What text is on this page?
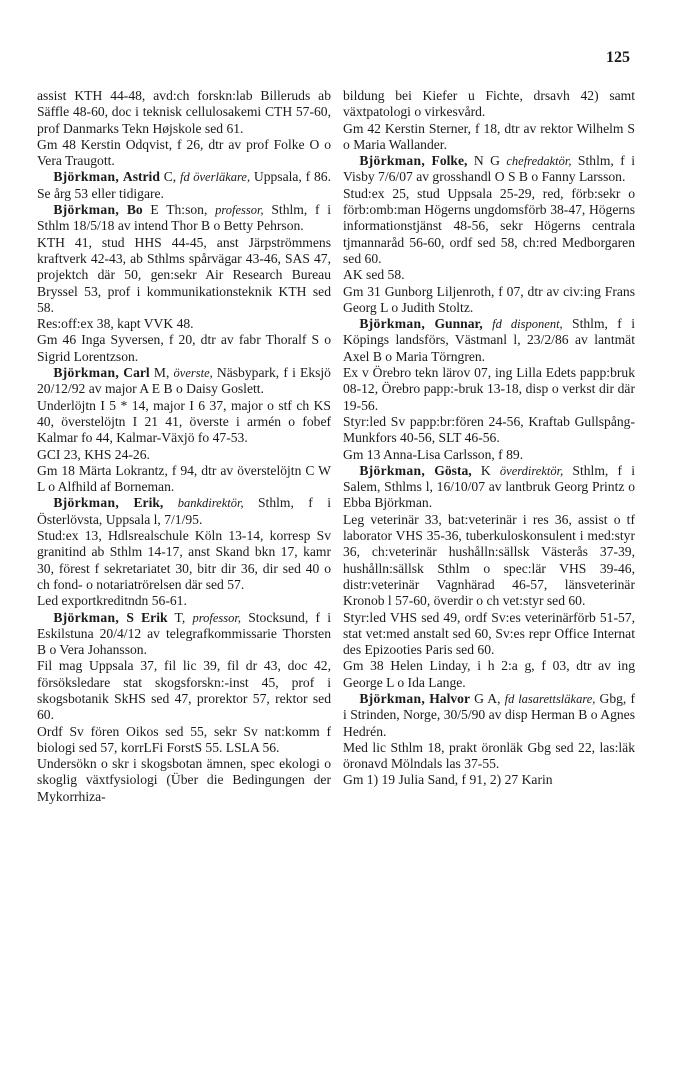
125

assist KTH 44-48, avd:ch forskn:lab Billeruds ab Säffle 48-60, doc i teknisk cellulosakemi CTH 57-60, prof Danmarks Tekn Højskole sed 61.

Gm 48 Kerstin Odqvist, f 26, dtr av prof Folke O o Vera Traugott.

Björkman, Astrid C, fd överläkare, Uppsala, f 86. Se årg 53 eller tidigare.

Björkman, Bo E Th:son, professor, Sthlm, f i Sthlm 18/5/18 av intend Thor B o Betty Pehrson.

KTH 41, stud HHS 44-45, anst Järpströmmens kraftverk 42-43, ab Sthlms spårvägar 43-46, SAS 47, projektch där 50, gen:sekr Air Research Bureau Bryssel 53, prof i kommunikationsteknik KTH sed 58.

Res:off:ex 38, kapt VVK 48.

Gm 46 Inga Syversen, f 20, dtr av fabr Thoralf S o Sigrid Lorentzson.

Björkman, Carl M, överste, Näsbypark, f i Eksjö 20/12/92 av major A E B o Daisy Goslett.

Underlöjtn I 5 * 14, major I 6 37, major o stf ch KS 40, överstelöjtn I 21 41, överste i armén o fobef Kalmar fo 44, Kalmar-Växjö fo 47-53.

GCI 23, KHS 24-26.

Gm 18 Märta Lokrantz, f 94, dtr av överstelöjtn C W L o Alfhild af Borneman.

Björkman, Erik, bankdirektör, Sthlm, f i Österlövsta, Uppsala l, 7/1/95.

Stud:ex 13, Hdlsrealschule Köln 13-14, korresp Sv granitind ab Sthlm 14-17, anst Skand bkn 17, kamr 30, förest f sekretariatet 30, bitr dir 36, dir sed 40 o ch fond- o notariatrörelsen där sed 57.

Led exportkreditndn 56-61.

Björkman, S Erik T, professor, Stocksund, f i Eskilstuna 20/4/12 av telegrafkommissarie Thorsten B o Vera Johansson.

Fil mag Uppsala 37, fil lic 39, fil dr 43, doc 42, försöksledare stat skogsforskn:-inst 45, prof i skogsbotanik SkHS sed 47, prorektor 57, rektor sed 60.

Ordf Sv fören Oikos sed 55, sekr Sv nat:komm f biologi sed 57, korrLFi ForstS 55. LSLA 56.

Undersökn o skr i skogsbotan ämnen, spec ekologi o skoglig växtfysiologi (Über die Bedingungen der Mykorrhiza-

bildung bei Kiefer u Fichte, drsavh 42) samt växtpatologi o virkesvård.

Gm 42 Kerstin Sterner, f 18, dtr av rektor Wilhelm S o Maria Wallander.

Björkman, Folke, N G chefredaktör, Sthlm, f i Visby 7/6/07 av grosshandl O S B o Fanny Larsson.

Stud:ex 25, stud Uppsala 25-29, red, förb:sekr o förb:omb:man Högerns ungdomsförb 38-47, Högerns informationstjänst 48-56, sekr Högerns centrala tjmannaråd 56-60, ordf sed 58, ch:red Medborgaren sed 60.

AK sed 58.

Gm 31 Gunborg Liljenroth, f 07, dtr av civ:ing Frans Georg L o Judith Stoltz.

Björkman, Gunnar, fd disponent, Sthlm, f i Köpings landsförs, Västmanl l, 23/2/86 av lantmät Axel B o Maria Törngren.

Ex v Örebro tekn lärov 07, ing Lilla Edets papp:bruk 08-12, Örebro papp:-bruk 13-18, disp o verkst dir där 19-56.

Styr:led Sv papp:br:fören 24-56, Kraftab Gullspång-Munkfors 40-56, SLT 46-56.

Gm 13 Anna-Lisa Carlsson, f 89.

Björkman, Gösta, K överdirektör, Sthlm, f i Salem, Sthlms l, 16/10/07 av lantbruk Georg Printz o Ebba Björkman.

Leg veterinär 33, bat:veterinär i res 36, assist o tf laborator VHS 35-36, tuberkuloskonsulent i med:styr 36, ch:veterinär hushålln:sällsk Västerås 37-39, hushålln:sällsk Sthlm o spec:lär VHS 39-46, distr:veterinär Vagnhärad 46-57, länsveterinär Kronob l 57-60, överdir o ch vet:styr sed 60.

Styr:led VHS sed 49, ordf Sv:es veterinärförb 51-57, stat vet:med anstalt sed 60, Sv:es repr Office Internat des Epizooties Paris sed 60.

Gm 38 Helen Linday, i h 2:a g, f 03, dtr av ing George L o Ida Lange.

Björkman, Halvor G A, fd lasarettsläkare, Gbg, f i Strinden, Norge, 30/5/90 av disp Herman B o Agnes Hedrén.

Med lic Sthlm 18, prakt öronläk Gbg sed 22, las:läk öronavd Mölndals las 37-55.

Gm 1) 19 Julia Sand, f 91, 2) 27 Karin
